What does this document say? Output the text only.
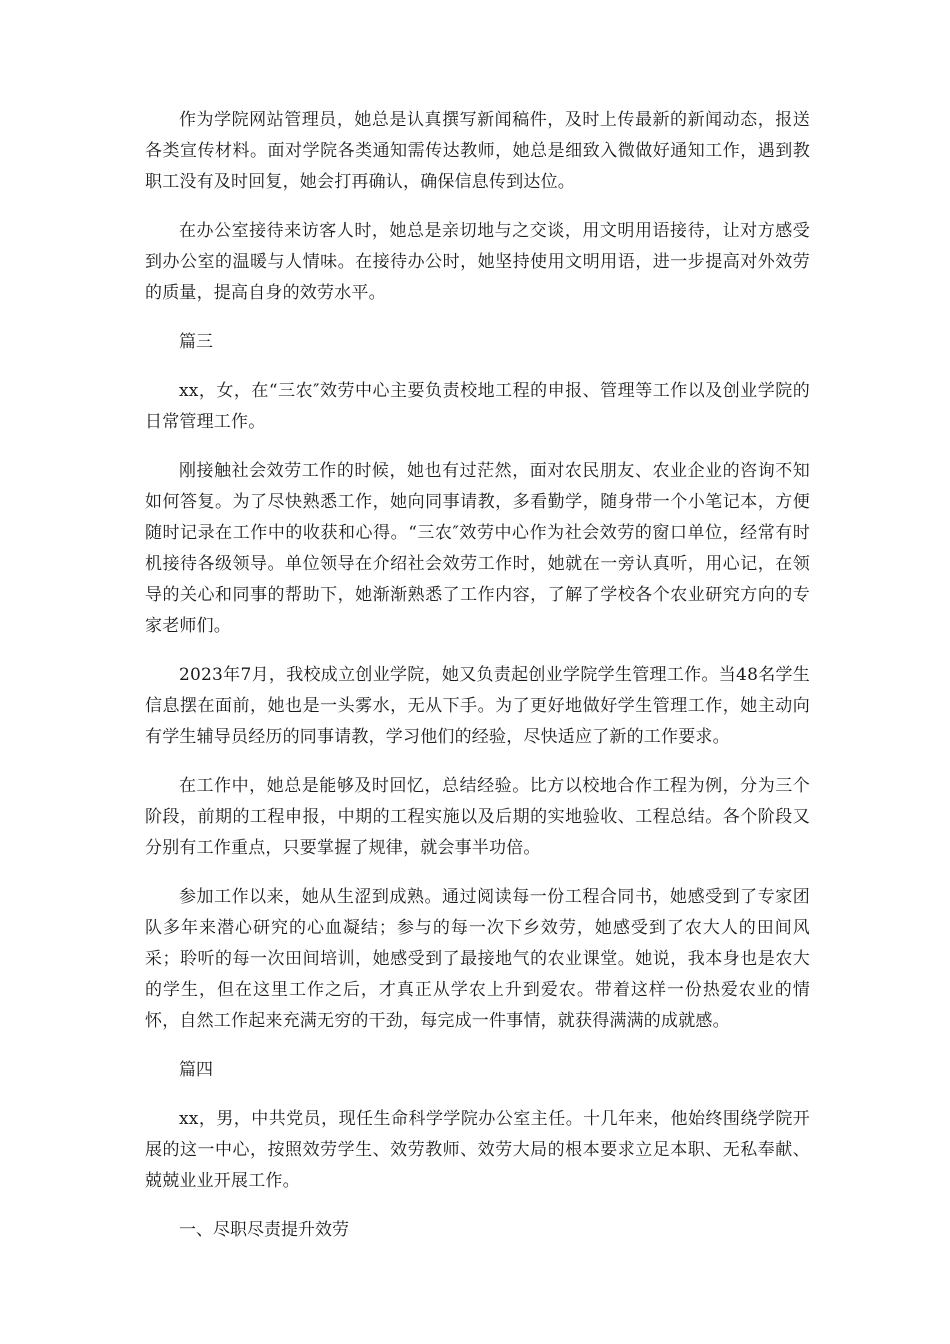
作为学院网站管理员，她总是认真撰写新闻稿件，及时上传最新的新闻动态，报送各类宣传材料。面对学院各类通知需传达教师，她总是细致入微做好通知工作，遇到教职工没有及时回复，她会打再确认，确保信息传到达位。

在办公室接待来访客人时，她总是亲切地与之交谈，用文明用语接待，让对方感受到办公室的温暖与人情味。在接待办公时，她坚持使用文明用语，进一步提高对外效劳的质量，提高自身的效劳水平。

篇三

xx，女，在“三农″效劳中心主要负责校地工程的申报、管理等工作以及创业学院的日常管理工作。

刚接触社会效劳工作的时候，她也有过茫然，面对农民朋友、农业企业的咨询不知如何答复。为了尽快熟悉工作，她向同事请教，多看勤学，随身带一个小笔记本，方便随时记录在工作中的收获和心得。“三农″效劳中心作为社会效劳的窗口单位，经常有时机接待各级领导。单位领导在介绍社会效劳工作时，她就在一旁认真听，用心记，在领导的关心和同事的帮助下，她渐渐熟悉了工作内容，了解了学校各个农业研究方向的专家老师们。

2023年7月，我校成立创业学院，她又负责起创业学院学生管理工作。当48名学生信息摆在面前，她也是一头雾水，无从下手。为了更好地做好学生管理工作，她主动向有学生辅导员经历的同事请教，学习他们的经验，尽快适应了新的工作要求。

在工作中，她总是能够及时回忆，总结经验。比方以校地合作工程为例，分为三个阶段，前期的工程申报，中期的工程实施以及后期的实地验收、工程总结。各个阶段又分别有工作重点，只要掌握了规律，就会事半功倍。

参加工作以来，她从生涩到成熟。通过阅读每一份工程合同书，她感受到了专家团队多年来潜心研究的心血凝结；参与的每一次下乡效劳，她感受到了农大人的田间风采；聆听的每一次田间培训，她感受到了最接地气的农业课堂。她说，我本身也是农大的学生，但在这里工作之后，才真正从学农上升到爱农。带着这样一份热爱农业的情怀，自然工作起来充满无穷的干劲，每完成一件事情，就获得满满的成就感。

篇四

xx，男，中共党员，现任生命科学学院办公室主任。十几年来，他始终围绕学院开展的这一中心，按照效劳学生、效劳教师、效劳大局的根本要求立足本职、无私奉献、兢兢业业开展工作。

一、尽职尽责提升效劳
